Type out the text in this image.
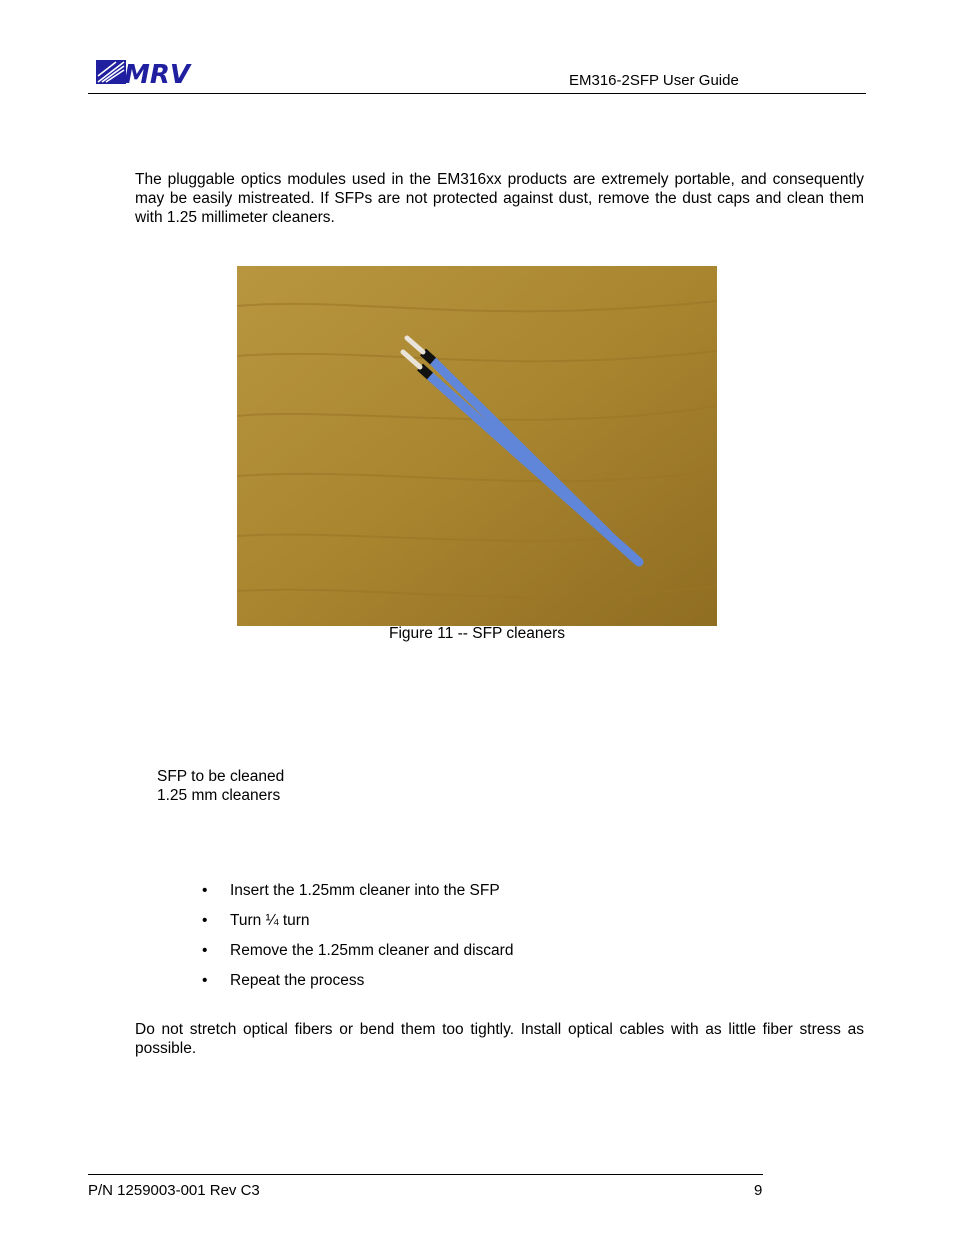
MRV	EM316-2SFP User Guide
The pluggable optics modules used in the EM316xx products are extremely portable, and consequently may be easily mistreated. If SFPs are not protected against dust, remove the dust caps and clean them with 1.25 millimeter cleaners.
Figure 11 -- SFP cleaners
SFP to be cleaned
1.25 mm cleaners
• Insert the 1.25mm cleaner into the SFP
• Turn ¼ turn
• Remove the 1.25mm cleaner and discard
• Repeat the process
Do not stretch optical fibers or bend them too tightly. Install optical cables with as little fiber stress as possible.
P/N 1259003-001 Rev C3	9
